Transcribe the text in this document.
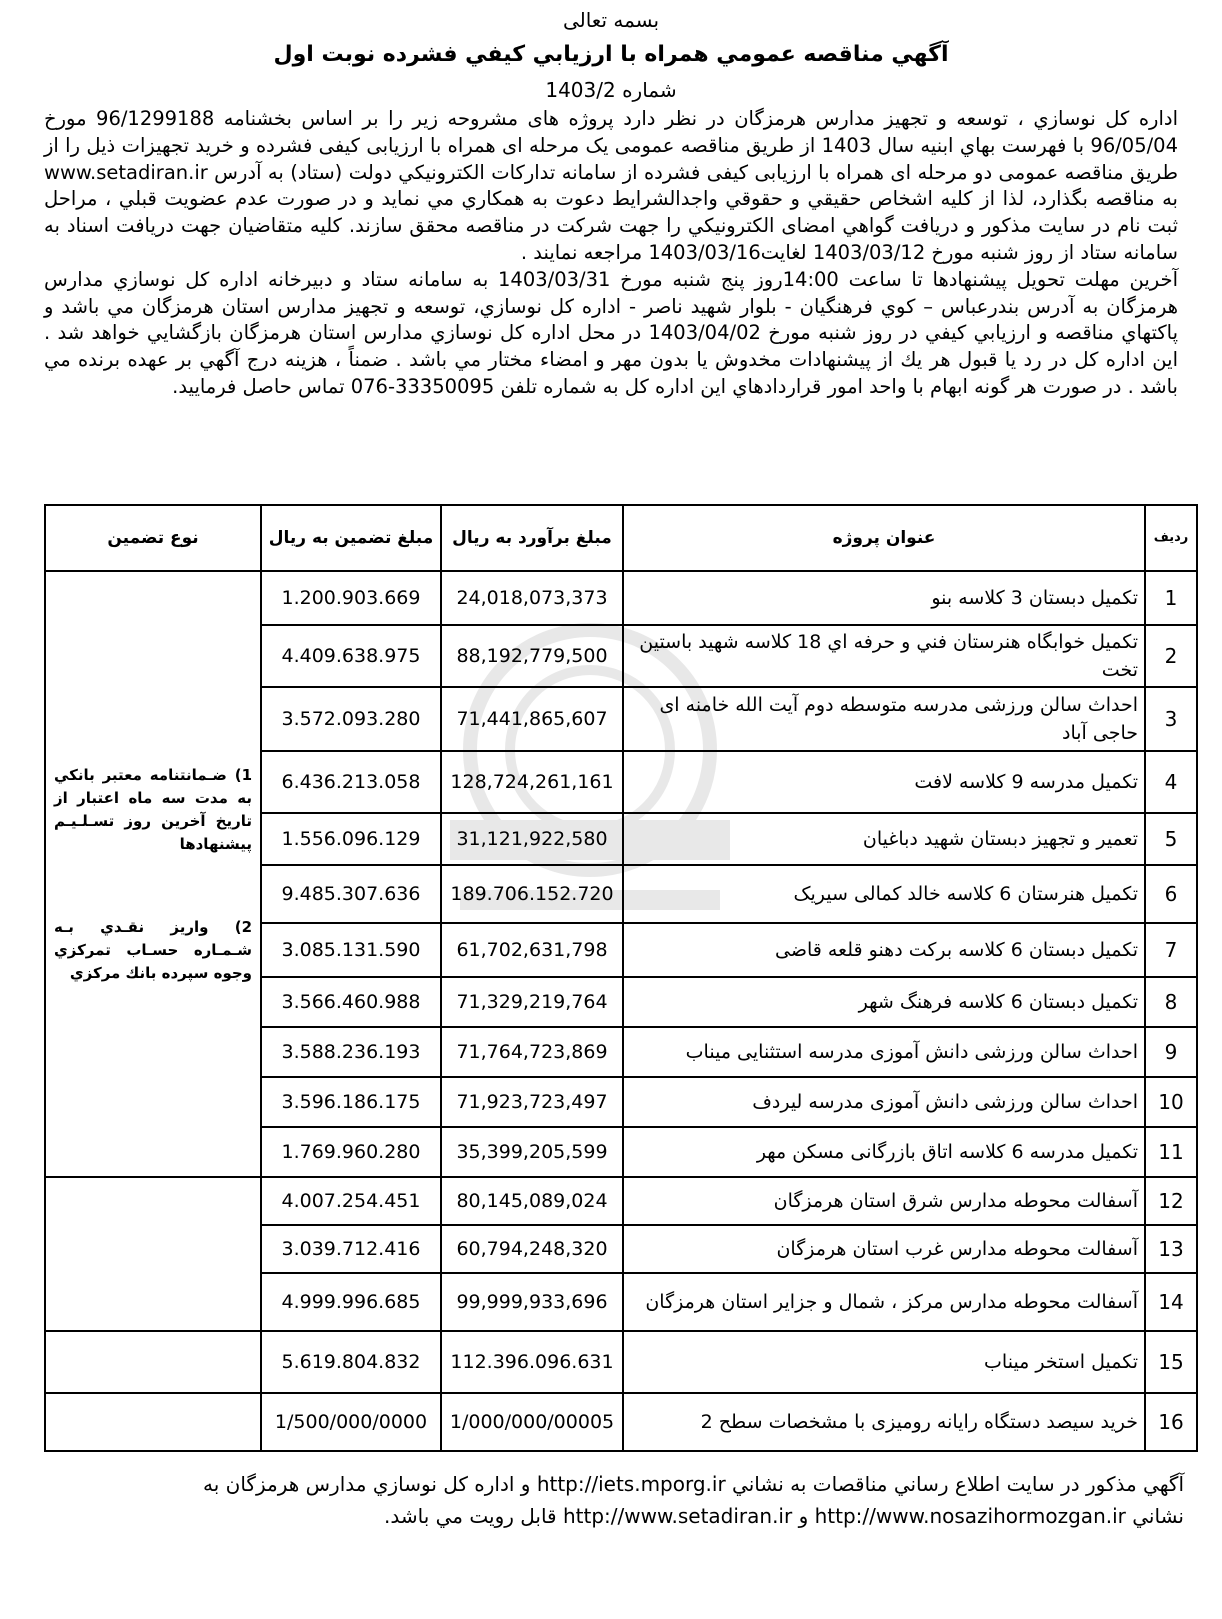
بسمه تعالی
آگهي مناقصه عمومي همراه با ارزيابي كيفي فشرده نوبت اول
شماره 1403/2

اداره كل نوسازي ، توسعه و تجهيز مدارس هرمزگان در نظر دارد پروژه های مشروحه زیر را بر اساس بخشنامه 96/1299188 مورخ 96/05/04 با فهرست بهاي ابنيه سال 1403 از طریق مناقصه عمومی یک مرحله ای همراه با ارزیابی کیفی فشرده و خرید تجهیزات ذیل را از طریق مناقصه عمومی دو مرحله ای همراه با ارزیابی کیفی فشرده از سامانه تداركات الكترونيكي دولت (ستاد) به آدرس www.setadiran.ir به مناقصه بگذارد، لذا از كليه اشخاص حقيقي و حقوقي واجدالشرايط دعوت به همكاري مي نمايد و در صورت عدم عضويت قبلي ، مراحل ثبت نام در سايت مذكور و دريافت گواهي امضای الكترونيكي را جهت شركت در مناقصه محقق سازند. كليه متقاضيان جهت دريافت اسناد به سامانه ستاد از روز شنبه مورخ 1403/03/12 لغايت1403/03/16 مراجعه نمايند .

آخرين مهلت تحويل پيشنهادها تا ساعت 14:00روز پنج شنبه مورخ 1403/03/31 به سامانه ستاد و دبيرخانه اداره كل نوسازي مدارس هرمزگان به آدرس بندرعباس – كوي فرهنگيان - بلوار شهيد ناصر - اداره كل نوسازي، توسعه و تجهيز مدارس استان هرمزگان مي باشد و پاكتهاي مناقصه و ارزيابي كيفي در روز شنبه مورخ 1403/04/02 در محل اداره كل نوسازي مدارس استان هرمزگان بازگشايي خواهد شد . اين اداره كل در رد يا قبول هر يك از پيشنهادات مخدوش يا بدون مهر و امضاء مختار مي باشد . ضمناً ، هزينه درج آگهي بر عهده برنده مي باشد . در صورت هر گونه ابهام با واحد امور قراردادهاي اين اداره كل به شماره تلفن 33350095-076 تماس حاصل فرمایید.

ردیف	عنوان پروژه	مبلغ برآورد به ريال	مبلغ تضمین به ريال	نوع تضمين
1	تكميل دبستان 3 كلاسه بنو	24,018,073,373	1.200.903.669	1) ضـمانتنامه معتبر بانكي به مدت سه ماه اعتبار از تاريخ آخرين روز تسـلـيـم پيشنهادها
2) واريز نقـدي بـه شـمـاره حسـاب تمركزي وجوه سپرده بانك مركزي

2	تكميل خوابگاه هنرستان فني و حرفه اي 18 كلاسه شهيد باستين تخت	88,192,779,500	4.409.638.975	
3	احداث سالن ورزشی مدرسه متوسطه دوم آیت الله خامنه ای حاجی آباد	71,441,865,607	3.572.093.280	
4	تکمیل مدرسه 9 کلاسه لافت	128,724,261,161	6.436.213.058	
5	تعمیر و تجهیز دبستان شهید دباغیان	31,121,922,580	1.556.096.129	
6	تکمیل هنرستان 6 کلاسه خالد کمالی سیریک	189.706.152.720	9.485.307.636	
7	تکمیل دبستان 6 کلاسه برکت دهنو قلعه قاضی	61,702,631,798	3.085.131.590	
8	تکمیل دبستان 6 کلاسه فرهنگ شهر	71,329,219,764	3.566.460.988	
9	احداث سالن ورزشی دانش آموزی مدرسه استثنایی میناب	71,764,723,869	3.588.236.193	
10	احداث سالن ورزشی دانش آموزی مدرسه لیردف	71,923,723,497	3.596.186.175	
11	تکمیل مدرسه 6 کلاسه اتاق بازرگانی مسکن مهر	35,399,205,599	1.769.960.280	
12	آسفالت محوطه مدارس شرق استان هرمزگان	80,145,089,024	4.007.254.451	
13	آسفالت محوطه مدارس غرب استان هرمزگان	60,794,248,320	3.039.712.416	
14	آسفالت محوطه مدارس مرکز ، شمال و جزایر استان هرمزگان	99,999,933,696	4.999.996.685	
15	تکمیل استخر میناب	112.396.096.631	5.619.804.832	
16	خرید سیصد دستگاه رایانه رومیزی با مشخصات سطح 2	1/000/000/00005	1/500/000/0000	

آگهي مذكور در سايت اطلاع رساني مناقصات به نشاني http://iets.mporg.ir و اداره كل نوسازي مدارس هرمزگان به

نشاني http://www.nosazihormozgan.ir و http://www.setadiran.ir قابل رويت مي باشد.
